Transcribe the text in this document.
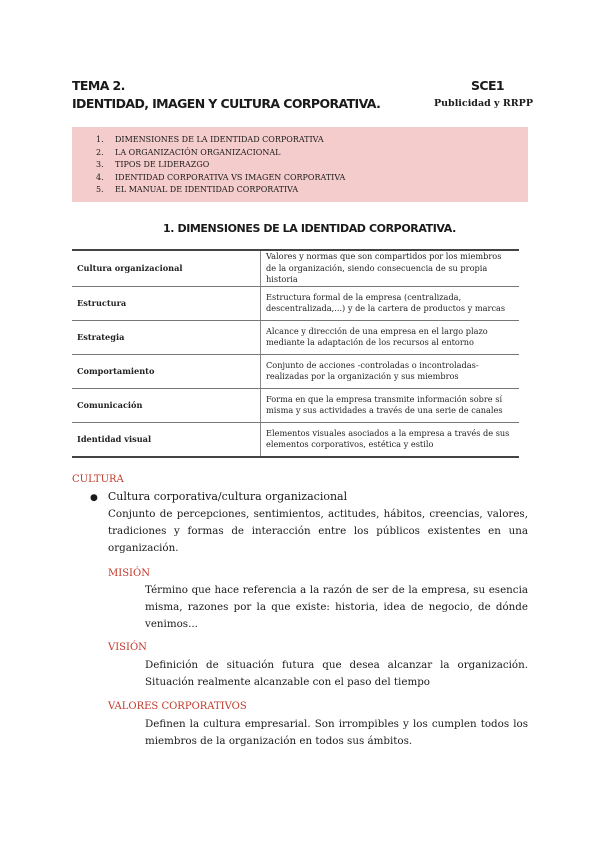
TEMA 2.
IDENTIDAD, IMAGEN Y CULTURA CORPORATIVA.
SCE1
Publicidad y RRPP
1. DIMENSIONES DE LA IDENTIDAD CORPORATIVA
2. LA ORGANIZACIÓN ORGANIZACIONAL
3. TIPOS DE LIDERAZGO
4. IDENTIDAD CORPORATIVA VS IMAGEN CORPORATIVA
5. EL MANUAL DE IDENTIDAD CORPORATIVA
1. DIMENSIONES DE LA IDENTIDAD CORPORATIVA.
Cultura organizacional	Valores y normas que son compartidos por los miembros de la organización, siendo consecuencia de su propia historia
Estructura	Estructura formal de la empresa (centralizada, descentralizada,...) y de la cartera de productos y marcas
Estrategia	Alcance y dirección de una empresa en el largo plazo mediante la adaptación de los recursos al entorno
Comportamiento	Conjunto de acciones -controladas o incontroladas- realizadas por la organización y sus miembros
Comunicación	Forma en que la empresa transmite información sobre sí misma y sus actividades a través de una serie de canales
Identidad visual	Elementos visuales asociados a la empresa a través de sus elementos corporativos, estética y estilo
CULTURA
● Cultura corporativa/cultura organizacional
Conjunto de percepciones, sentimientos, actitudes, hábitos, creencias, valores, tradiciones y formas de interacción entre los públicos existentes en una organización.
MISIÓN
Término que hace referencia a la razón de ser de la empresa, su esencia misma, razones por la que existe: historia, idea de negocio, de dónde venimos...
VISIÓN
Definición de situación futura que desea alcanzar la organización. Situación realmente alcanzable con el paso del tiempo
VALORES CORPORATIVOS
Definen la cultura empresarial. Son irrompibles y los cumplen todos los miembros de la organización en todos sus ámbitos.
